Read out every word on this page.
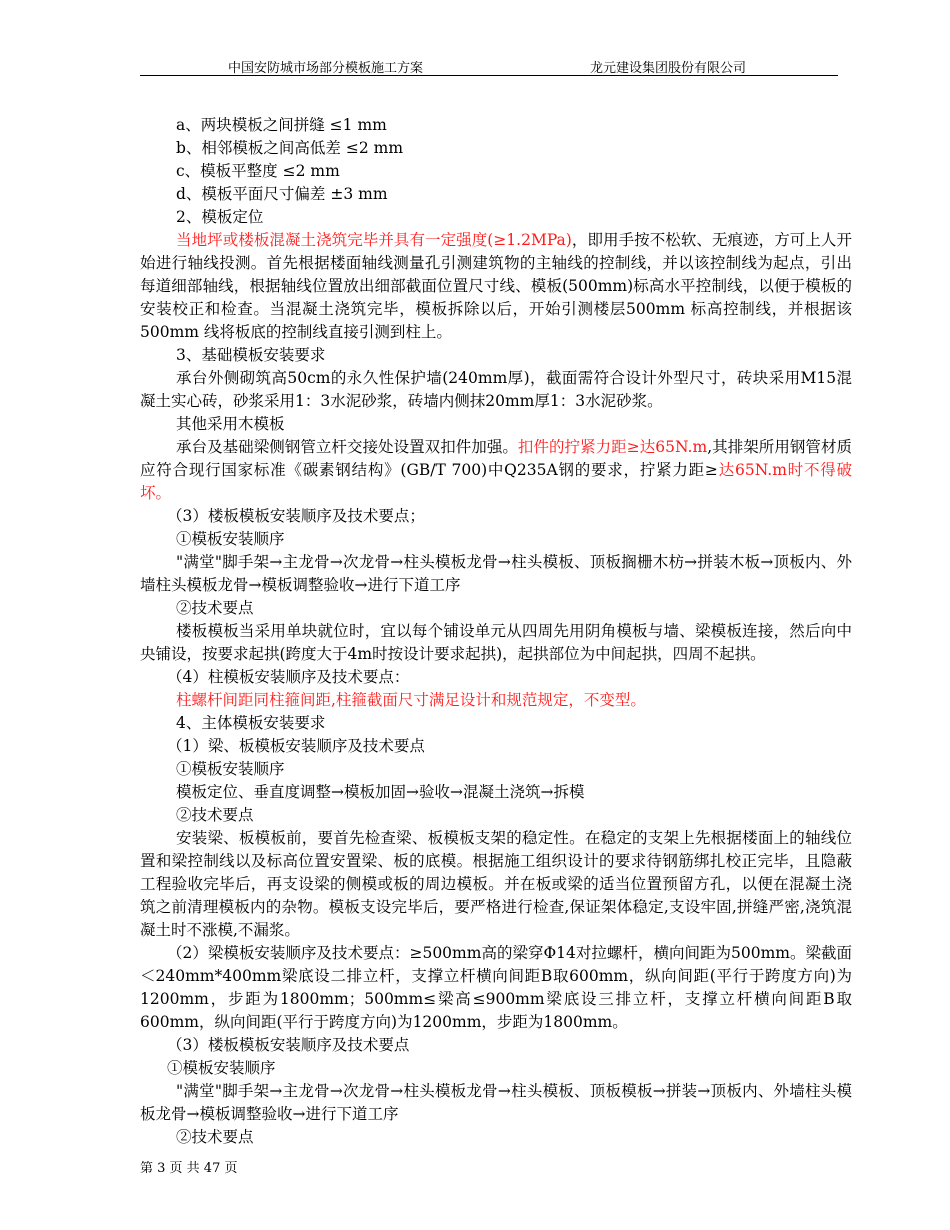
中国安防城市场部分模板施工方案	龙元建设集团股份有限公司

a、两块模板之间拼缝 ≤1 mm

b、相邻模板之间高低差 ≤2 mm

c、模板平整度 ≤2 mm

d、模板平面尺寸偏差 ±3 mm

2、模板定位

当地坪或楼板混凝土浇筑完毕并具有一定强度(≥1.2MPa)，即用手按不松软、无痕迹，方可上人开始进行轴线投测。首先根据楼面轴线测量孔引测建筑物的主轴线的控制线，并以该控制线为起点，引出每道细部轴线，根据轴线位置放出细部截面位置尺寸线、模板(500mm)标高水平控制线，以便于模板的安装校正和检查。当混凝土浇筑完毕，模板拆除以后，开始引测楼层500mm 标高控制线，并根据该500mm 线将板底的控制线直接引测到柱上。

3、基础模板安装要求

承台外侧砌筑高50cm的永久性保护墙(240mm厚)，截面需符合设计外型尺寸，砖块采用M15混凝土实心砖，砂浆采用1：3水泥砂浆，砖墙内侧抹20mm厚1：3水泥砂浆。

其他采用木模板

承台及基础梁侧钢管立杆交接处设置双扣件加强。扣件的拧紧力距≥达65N.m,其排架所用钢管材质应符合现行国家标准《碳素钢结构》(GB/T 700)中Q235A钢的要求，拧紧力距≥达65N.m时不得破坏。

（3）楼板模板安装顺序及技术要点；

①模板安装顺序

"满堂"脚手架→主龙骨→次龙骨→柱头模板龙骨→柱头模板、顶板搁栅木枋→拼装木板→顶板内、外墙柱头模板龙骨→模板调整验收→进行下道工序

②技术要点

楼板模板当采用单块就位时，宜以每个铺设单元从四周先用阴角模板与墙、梁模板连接，然后向中央铺设，按要求起拱(跨度大于4m时按设计要求起拱)，起拱部位为中间起拱，四周不起拱。

（4）柱模板安装顺序及技术要点：

柱螺杆间距同柱箍间距,柱箍截面尺寸满足设计和规范规定，不变型。

4、主体模板安装要求

（1）梁、板模板安装顺序及技术要点

①模板安装顺序

模板定位、垂直度调整→模板加固→验收→混凝土浇筑→拆模

②技术要点

安装梁、板模板前，要首先检查梁、板模板支架的稳定性。在稳定的支架上先根据楼面上的轴线位置和梁控制线以及标高位置安置梁、板的底模。根据施工组织设计的要求待钢筋绑扎校正完毕，且隐蔽工程验收完毕后，再支设梁的侧模或板的周边模板。并在板或梁的适当位置预留方孔，以便在混凝土浇筑之前清理模板内的杂物。模板支设完毕后，要严格进行检查,保证架体稳定,支设牢固,拼缝严密,浇筑混凝土时不涨模,不漏浆。

（2）梁模板安装顺序及技术要点：≥500mm高的梁穿Φ14对拉螺杆，横向间距为500mm。梁截面＜240mm*400mm梁底设二排立杆，支撑立杆横向间距B取600mm，纵向间距(平行于跨度方向)为1200mm，步距为1800mm；500mm≤梁高≤900mm梁底设三排立杆，支撑立杆横向间距B取600mm，纵向间距(平行于跨度方向)为1200mm，步距为1800mm。

（3）楼板模板安装顺序及技术要点

①模板安装顺序

"满堂"脚手架→主龙骨→次龙骨→柱头模板龙骨→柱头模板、顶板模板→拼装→顶板内、外墙柱头模板龙骨→模板调整验收→进行下道工序

②技术要点

第 3 页 共 47 页
